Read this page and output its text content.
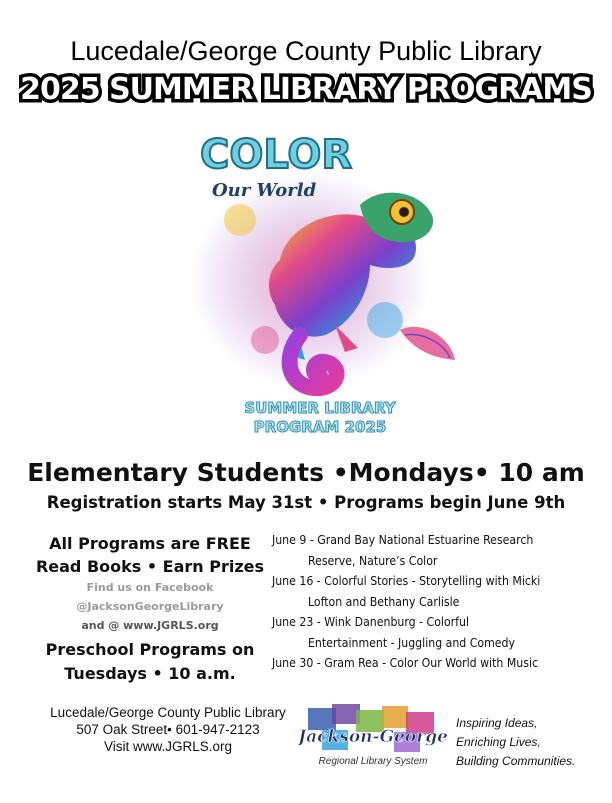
Lucedale/George County Public Library
2025 SUMMER LIBRARY PROGRAMS
COLOR
Our World
SUMMER LIBRARY
PROGRAM 2025
Elementary Students •Mondays• 10 am
Registration starts May 31st • Programs begin June 9th
All Programs are FREE
Read Books • Earn Prizes
Find us on Facebook
@JacksonGeorgeLibrary
and @ www.JGRLS.org
Preschool Programs on
Tuesdays • 10 a.m.
June 9 - Grand Bay National Estuarine Research
Reserve, Nature’s Color
June 16 - Colorful Stories - Storytelling with Micki
Lofton and Bethany Carlisle
June 23 - Wink Danenburg - Colorful
Entertainment - Juggling and Comedy
June 30 - Gram Rea - Color Our World with Music
Lucedale/George County Public Library
507 Oak Street• 601-947-2123
Visit www.JGRLS.org	Jackson-George
Regional Library System
Inspiring Ideas,
Enriching Lives,
Building Communities.
